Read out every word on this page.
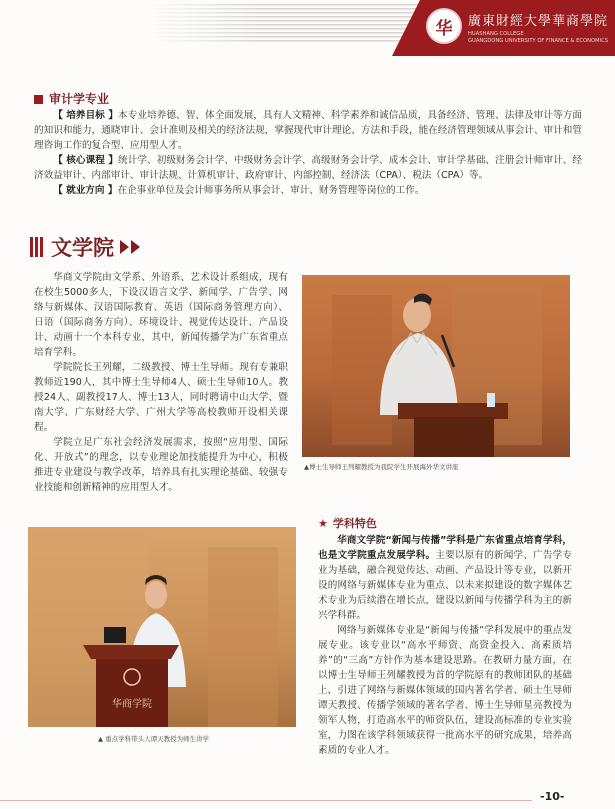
华	廣東財經大學華商學院
HUASHANG COLLEGE
GUANGDONG UNIVERSITY OF FINANCE & ECONOMICS
审计学专业

【 培养目标 】本专业培养德、智、体全面发展，具有人文精神、科学素养和诚信品质，具备经济、管理、法律及审计等方面的知识和能力，通晓审计、会计准则及相关的经济法规，掌握现代审计理论、方法和手段，能在经济管理领域从事会计、审计和管理咨询工作的复合型、应用型人才。

【 核心课程 】统计学、初级财务会计学、中级财务会计学、高级财务会计学、成本会计、审计学基础、注册会计师审计、经济效益审计、内部审计、审计法规、计算机审计、政府审计、内部控制、经济法（CPA）、税法（CPA）等。

【 就业方向 】在企事业单位及会计师事务所从事会计、审计、财务管理等岗位的工作。

文学院

华商文学院由文学系、外语系、艺术设计系组成，现有在校生5000多人，下设汉语言文学、新闻学、广告学、网络与新媒体、汉语国际教育、英语（国际商务管理方向）、日语（国际商务方向）、环境设计、视觉传达设计、产品设计、动画十一个本科专业，其中，新闻传播学为广东省重点培育学科。

学院院长王列耀，二级教授、博士生导师。现有专兼职教师近190人，其中博士生导师4人、硕士生导师10人。教授24人、副教授17人、博士13人，同时聘请中山大学、暨南大学、广东财经大学、广州大学等高校教师开设相关课程。

学院立足广东社会经济发展需求，按照“应用型、国际化、开放式”的理念，以专业理论加技能提升为中心，积极推进专业建设与教学改革，培养具有扎实理论基础、较强专业技能和创新精神的应用型人才。

▲博士生导师王列耀教授为我院学生开展海外华文讲座
华商学院
▲ 重点学科带头人谭天教授为师生讲学
★ 学科特色

华商文学院“新闻与传播”学科是广东省重点培育学科，也是文学院重点发展学科。主要以原有的新闻学、广告学专业为基础，融合视觉传达、动画、产品设计等专业，以新开设的网络与新媒体专业为重点、以未来拟建设的数字媒体艺术专业为后续潜在增长点，建设以新闻与传播学科为主的新兴学科群。

网络与新媒体专业是“新闻与传播”学科发展中的重点发展专业。该专业以“高水平师资、高资金投入、高素质培养”的“三高”方针作为基本建设思路。在教研力量方面，在以博士生导师王列耀教授为首的学院原有的教师团队的基础上，引进了网络与新媒体领域的国内著名学者、硕士生导师谭天教授、传播学领域的著名学者、博士生导师星亮教授为领军人物，打造高水平的师资队伍，建设高标准的专业实验室，力图在该学科领域获得一批高水平的研究成果，培养高素质的专业人才。

-10-
